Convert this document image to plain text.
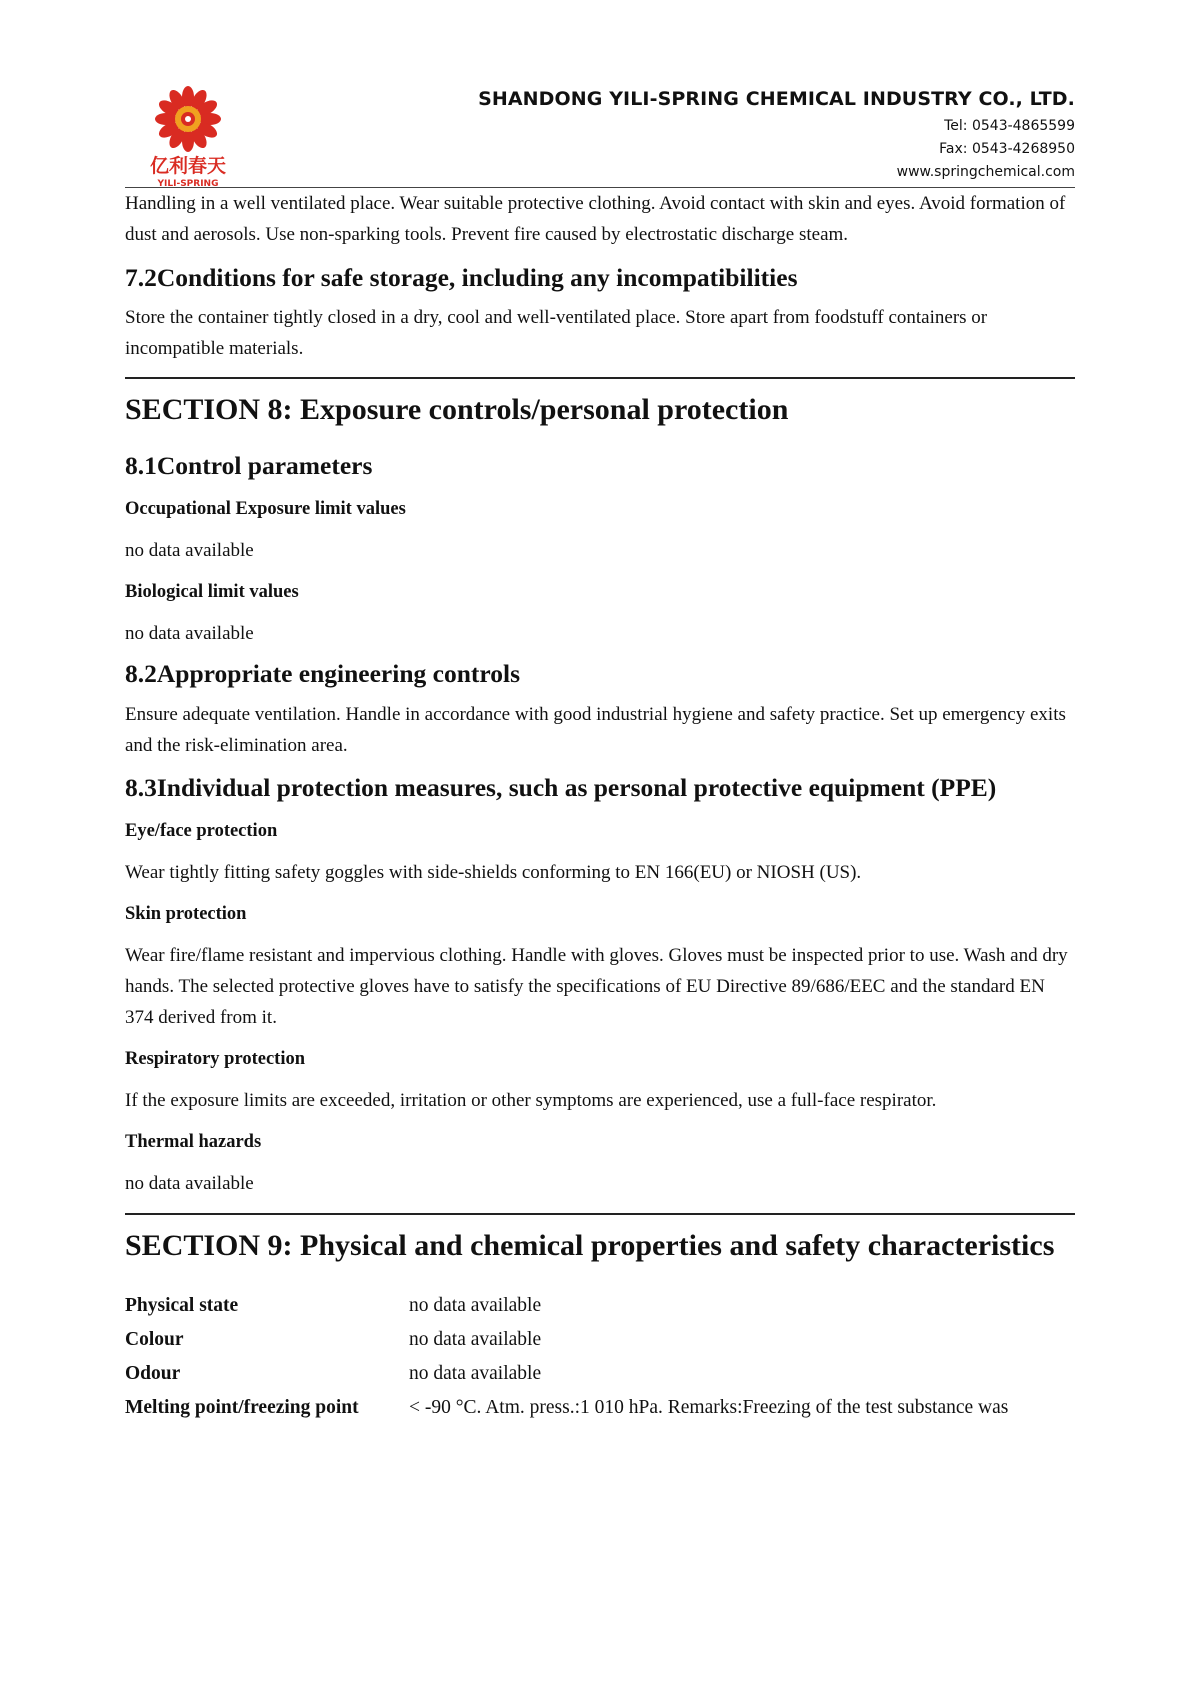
亿利春天
YILI-SPRING
SHANDONG YILI-SPRING CHEMICAL INDUSTRY CO., LTD.
Tel: 0543-4865599
Fax: 0543-4268950
www.springchemical.com

Handling in a well ventilated place. Wear suitable protective clothing. Avoid contact with skin and eyes. Avoid formation of dust and aerosols. Use non-sparking tools. Prevent fire caused by electrostatic discharge steam.

7.2Conditions for safe storage, including any incompatibilities

Store the container tightly closed in a dry, cool and well-ventilated place. Store apart from foodstuff containers or incompatible materials.

SECTION 8: Exposure controls/personal protection
8.1Control parameters
Occupational Exposure limit values

no data available

Biological limit values

no data available

8.2Appropriate engineering controls

Ensure adequate ventilation. Handle in accordance with good industrial hygiene and safety practice. Set up emergency exits and the risk-elimination area.

8.3Individual protection measures, such as personal protective equipment (PPE)
Eye/face protection

Wear tightly fitting safety goggles with side-shields conforming to EN 166(EU) or NIOSH (US).

Skin protection

Wear fire/flame resistant and impervious clothing. Handle with gloves. Gloves must be inspected prior to use. Wash and dry hands. The selected protective gloves have to satisfy the specifications of EU Directive 89/686/EEC and the standard EN 374 derived from it.

Respiratory protection

If the exposure limits are exceeded, irritation or other symptoms are experienced, use a full-face respirator.

Thermal hazards

no data available

SECTION 9: Physical and chemical properties and safety characteristics
Physical state	no data available
Colour	no data available
Odour	no data available
Melting point/freezing point	< -90 °C. Atm. press.:1 010 hPa. Remarks:Freezing of the test substance was
